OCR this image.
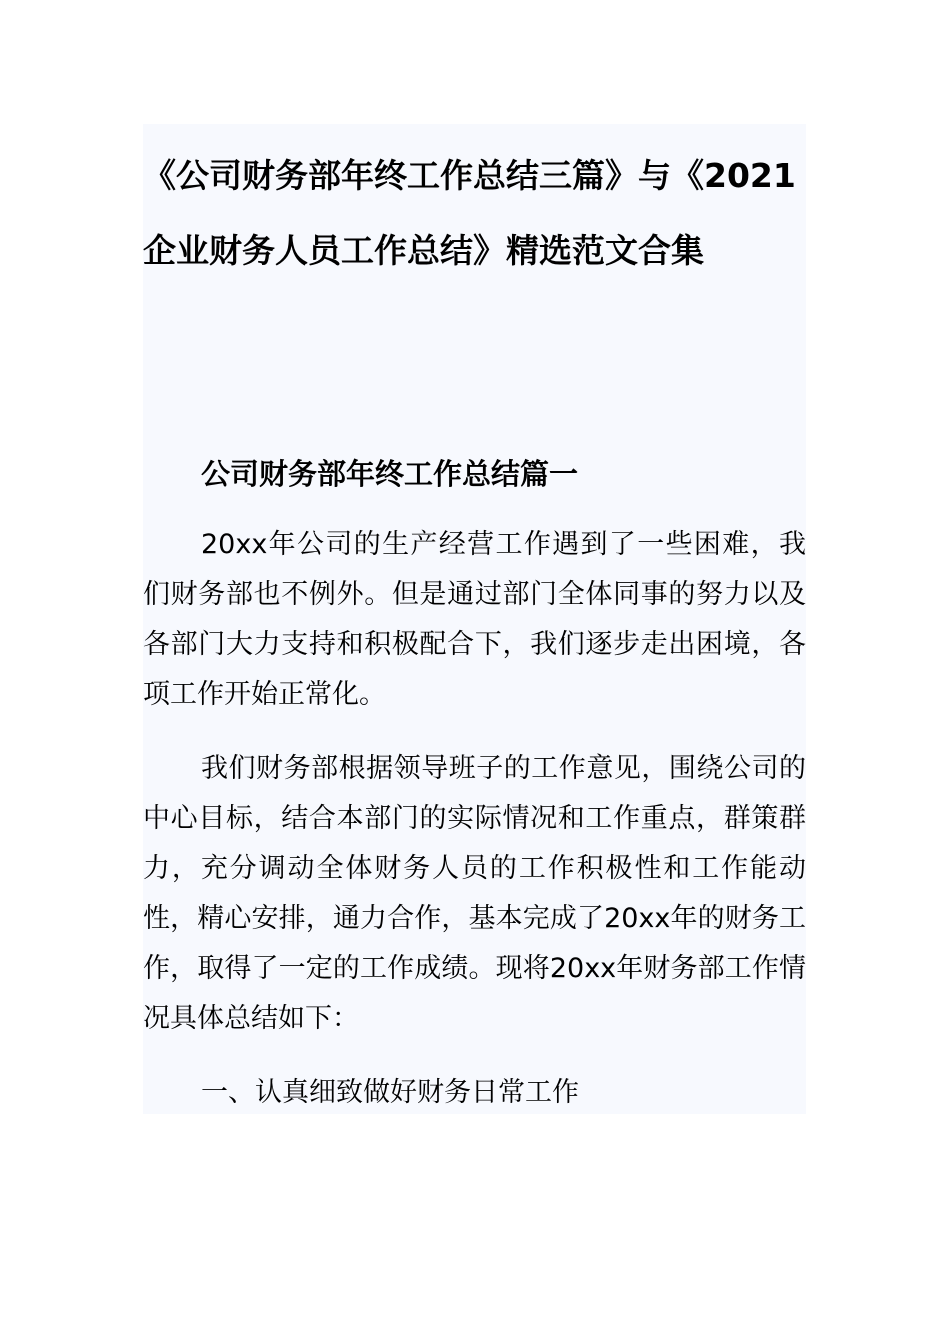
《公司财务部年终工作总结三篇》与《2021企业财务人员工作总结》精选范文合集
公司财务部年终工作总结篇一

20xx年公司的生产经营工作遇到了一些困难，我们财务部也不例外。但是通过部门全体同事的努力以及各部门大力支持和积极配合下，我们逐步走出困境，各项工作开始正常化。

我们财务部根据领导班子的工作意见，围绕公司的中心目标，结合本部门的实际情况和工作重点，群策群力，充分调动全体财务人员的工作积极性和工作能动性，精心安排，通力合作，基本完成了20xx年的财务工作，取得了一定的工作成绩。现将20xx年财务部工作情况具体总结如下：

一、认真细致做好财务日常工作
